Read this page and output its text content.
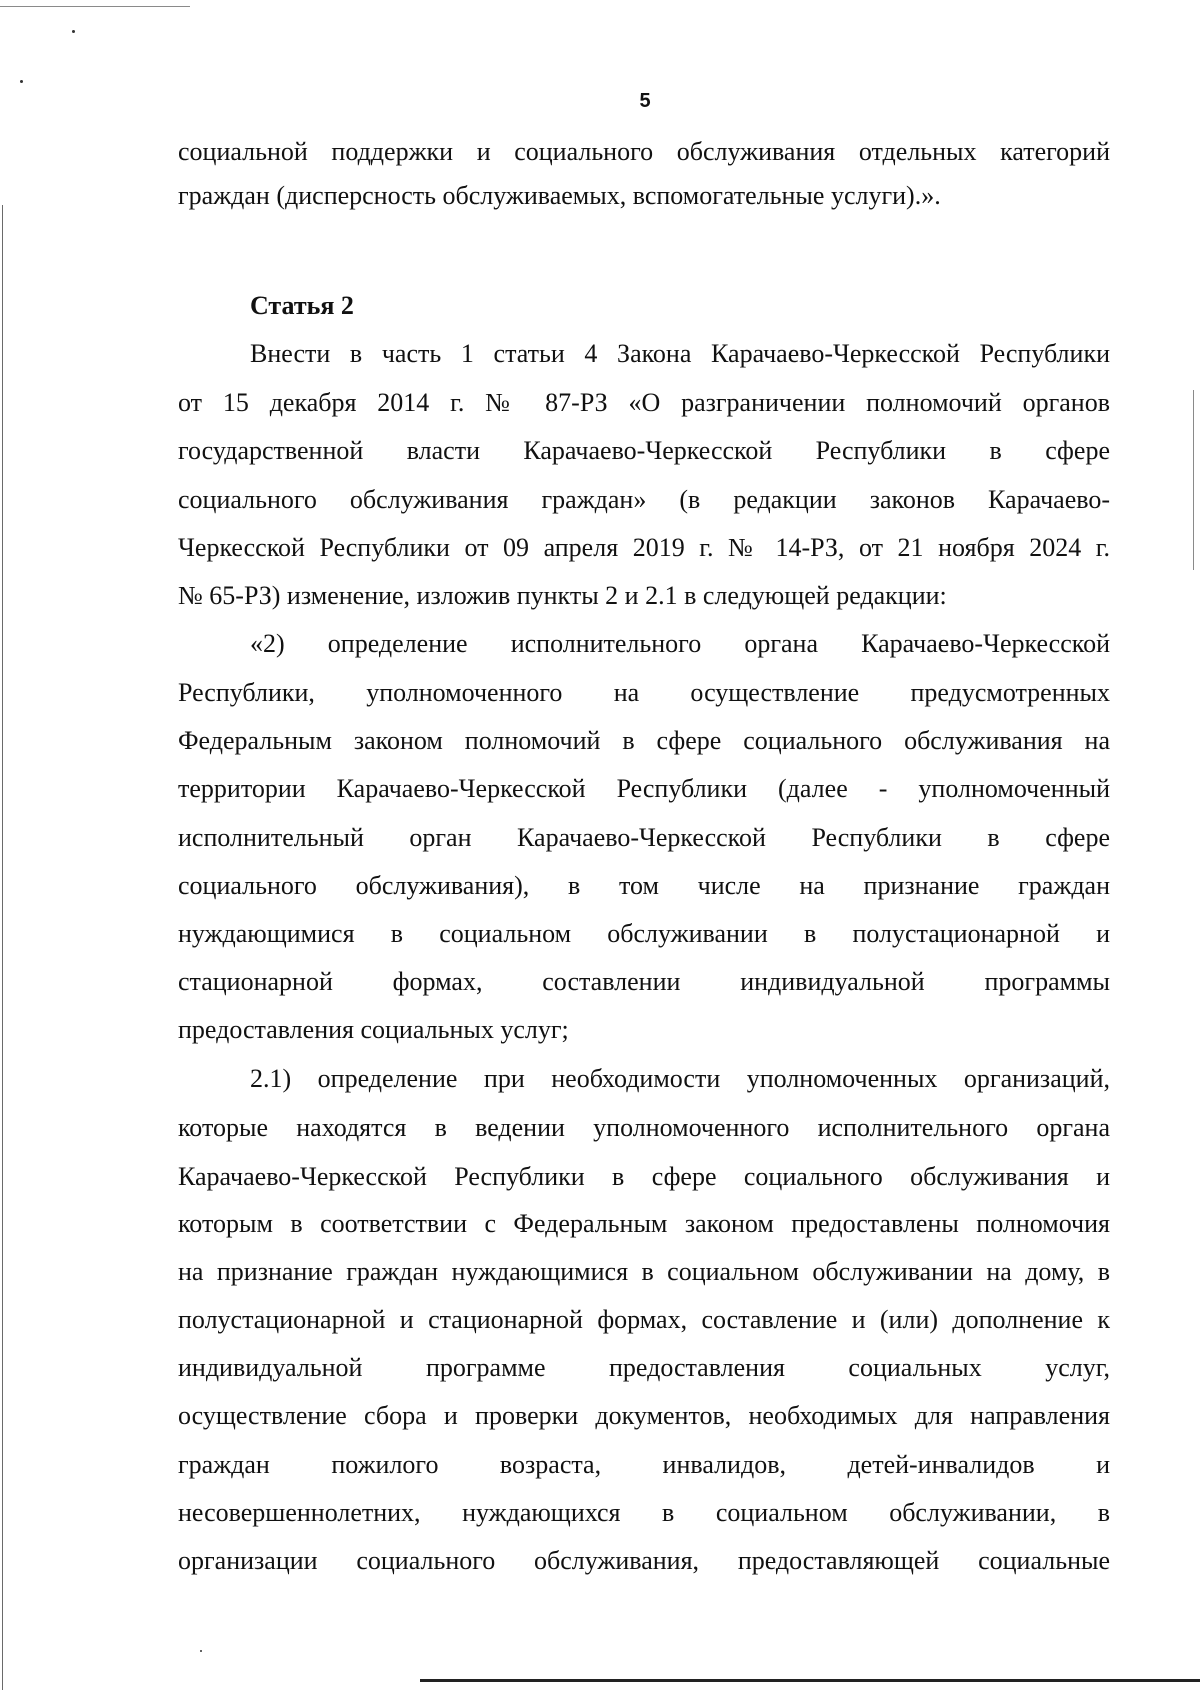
5

социальной поддержки и социального обслуживания отдельных категорий

граждан (дисперсность обслуживаемых, вспомогательные услуги).».

Статья 2

Внести в часть 1 статьи 4 Закона Карачаево-Черкесской Республики

от 15 декабря 2014 г. № 87-РЗ «О разграничении полномочий органов

государственной власти Карачаево-Черкесской Республики в сфере

социального обслуживания граждан» (в редакции законов Карачаево-

Черкесской Республики от 09 апреля 2019 г. № 14-РЗ, от 21 ноября 2024 г.

№ 65-РЗ) изменение, изложив пункты 2 и 2.1 в следующей редакции:

«2) определение исполнительного органа Карачаево-Черкесской

Республики, уполномоченного на осуществление предусмотренных

Федеральным законом полномочий в сфере социального обслуживания на

территории Карачаево-Черкесской Республики (далее - уполномоченный

исполнительный орган Карачаево-Черкесской Республики в сфере

социального обслуживания), в том числе на признание граждан

нуждающимися в социальном обслуживании в полустационарной и

стационарной формах, составлении индивидуальной программы

предоставления социальных услуг;

2.1) определение при необходимости уполномоченных организаций,

которые находятся в ведении уполномоченного исполнительного органа

Карачаево-Черкесской Республики в сфере социального обслуживания и

которым в соответствии с Федеральным законом предоставлены полномочия

на признание граждан нуждающимися в социальном обслуживании на дому, в

полустационарной и стационарной формах, составление и (или) дополнение к

индивидуальной программе предоставления социальных услуг,

осуществление сбора и проверки документов, необходимых для направления

граждан пожилого возраста, инвалидов, детей-инвалидов и

несовершеннолетних, нуждающихся в социальном обслуживании, в

организации социального обслуживания, предоставляющей социальные
